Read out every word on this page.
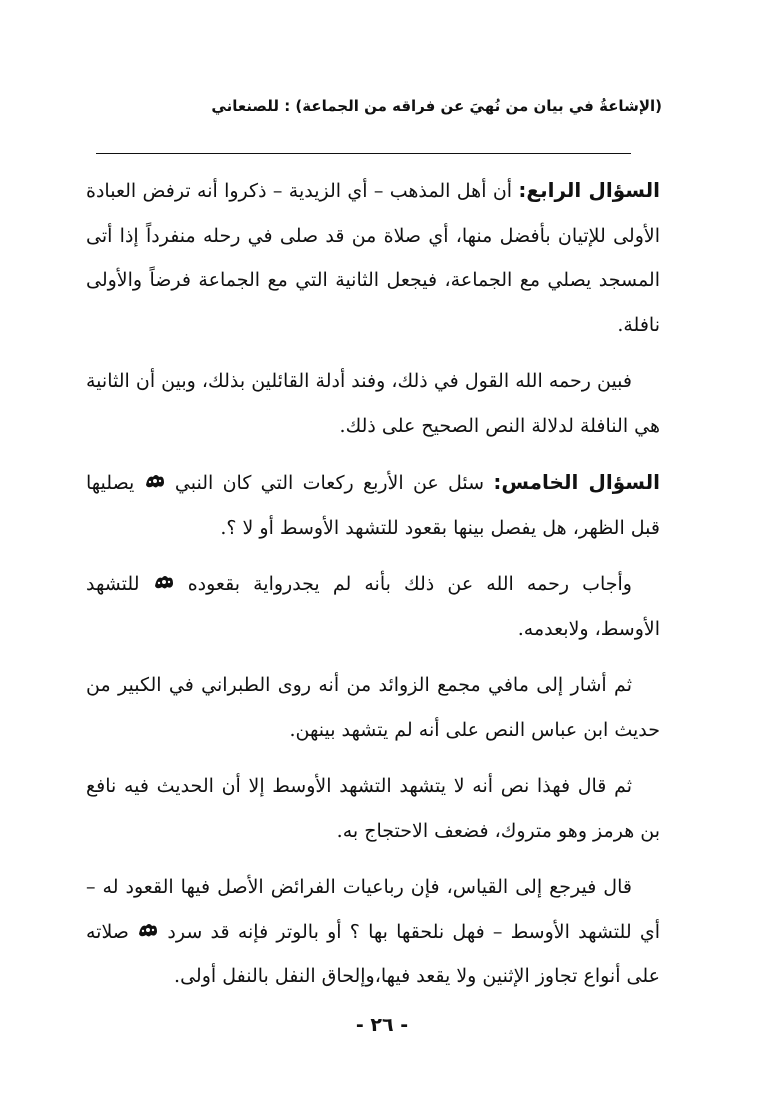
(الإشاعةُ في بيان من نُهيَ عن فراقه من الجماعة) : للصنعاني

السؤال الرابع: أن أهل المذهب – أي الزيدية – ذكروا أنه ترفض العبادة الأولى للإتيان بأفضل منها، أي صلاة من قد صلى في رحله منفرداً إذا أتى المسجد يصلي مع الجماعة، فيجعل الثانية التي مع الجماعة فرضاً والأولى نافلة.

فبين رحمه الله القول في ذلك، وفند أدلة القائلين بذلك، وبين أن الثانية هي النافلة لدلالة النص الصحيح على ذلك.

السؤال الخامس: سئل عن الأربع ركعات التي كان النبي  يصليها قبل الظهر، هل يفصل بينها بقعود للتشهد الأوسط أو لا ؟.

وأجاب رحمه الله عن ذلك بأنه لم يجدرواية بقعوده  للتشهد الأوسط، ولابعدمه.

ثم أشار إلى مافي مجمع الزوائد من أنه روى الطبراني في الكبير من حديث ابن عباس النص على أنه لم يتشهد بينهن.

ثم قال فهذا نص أنه لا يتشهد التشهد الأوسط إلا أن الحديث فيه نافع بن هرمز وهو متروك، فضعف الاحتجاج به.

قال فيرجع إلى القياس، فإن رباعيات الفرائض الأصل فيها القعود له – أي للتشهد الأوسط – فهل نلحقها بها ؟ أو بالوتر فإنه قد سرد  صلاته على أنواع تجاوز الإثنين ولا يقعد فيها،وإلحاق النفل بالنفل أولى.

- ٢٦ -
